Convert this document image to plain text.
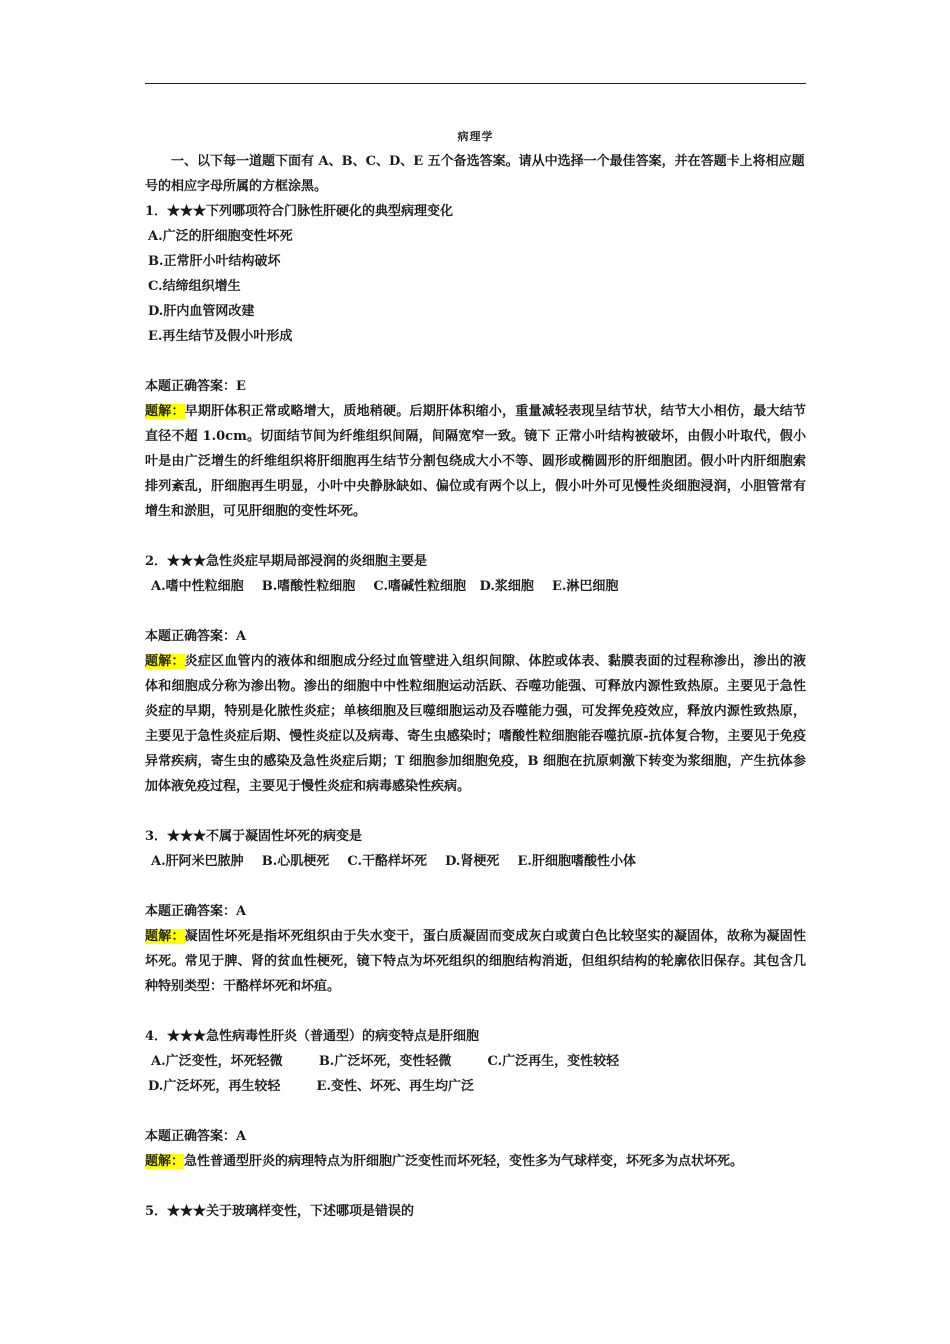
病理学
一、以下每一道题下面有 A、B、C、D、E 五个备选答案。请从中选择一个最佳答案，并在答题卡上将相应题号的相应字母所属的方框涂黑。
1．★★★下列哪项符合门脉性肝硬化的典型病理变化
A.广泛的肝细胞变性坏死
B.正常肝小叶结构破坏
C.结缔组织增生
D.肝内血管网改建
E.再生结节及假小叶形成
本题正确答案：E
题解：早期肝体积正常或略增大，质地稍硬。后期肝体积缩小，重量减轻表现呈结节状，结节大小相仿，最大结节直径不超 1.0cm。切面结节间为纤维组织间隔，间隔宽窄一致。镜下 正常小叶结构被破坏，由假小叶取代，假小叶是由广泛增生的纤维组织将肝细胞再生结节分割包绕成大小不等、圆形或椭圆形的肝细胞团。假小叶内肝细胞索排列紊乱，肝细胞再生明显，小叶中央静脉缺如、偏位或有两个以上，假小叶外可见慢性炎细胞浸润，小胆管常有增生和淤胆，可见肝细胞的变性坏死。
2．★★★急性炎症早期局部浸润的炎细胞主要是
A.嗜中性粒细胞    B.嗜酸性粒细胞    C.嗜碱性粒细胞   D.浆细胞    E.淋巴细胞
本题正确答案：A
题解：炎症区血管内的液体和细胞成分经过血管壁进入组织间隙、体腔或体表、黏膜表面的过程称渗出，渗出的液体和细胞成分称为渗出物。渗出的细胞中中性粒细胞运动活跃、吞噬功能强、可释放内源性致热原。主要见于急性炎症的早期，特别是化脓性炎症；单核细胞及巨噬细胞运动及吞噬能力强，可发挥免疫效应，释放内源性致热原，主要见于急性炎症后期、慢性炎症以及病毒、寄生虫感染时；嗜酸性粒细胞能吞噬抗原-抗体复合物，主要见于免疫异常疾病，寄生虫的感染及急性炎症后期；T 细胞参加细胞免疫，B 细胞在抗原刺激下转变为浆细胞，产生抗体参加体液免疫过程，主要见于慢性炎症和病毒感染性疾病。
3．★★★不属于凝固性坏死的病变是
A.肝阿米巴脓肿    B.心肌梗死    C.干酪样坏死    D.肾梗死    E.肝细胞嗜酸性小体
本题正确答案：A
题解：凝固性坏死是指坏死组织由于失水变干，蛋白质凝固而变成灰白或黄白色比较坚实的凝固体，故称为凝固性坏死。常见于脾、肾的贫血性梗死，镜下特点为坏死组织的细胞结构消逝，但组织结构的轮廓依旧保存。其包含几种特别类型：干酪样坏死和坏疽。
4．★★★急性病毒性肝炎（普通型）的病变特点是肝细胞
A.广泛变性，坏死轻微        B.广泛坏死，变性轻微        C.广泛再生，变性较轻
D.广泛坏死，再生较轻        E.变性、坏死、再生均广泛
本题正确答案：A
题解：急性普通型肝炎的病理特点为肝细胞广泛变性而坏死轻，变性多为气球样变，坏死多为点状坏死。
5．★★★关于玻璃样变性，下述哪项是错误的
